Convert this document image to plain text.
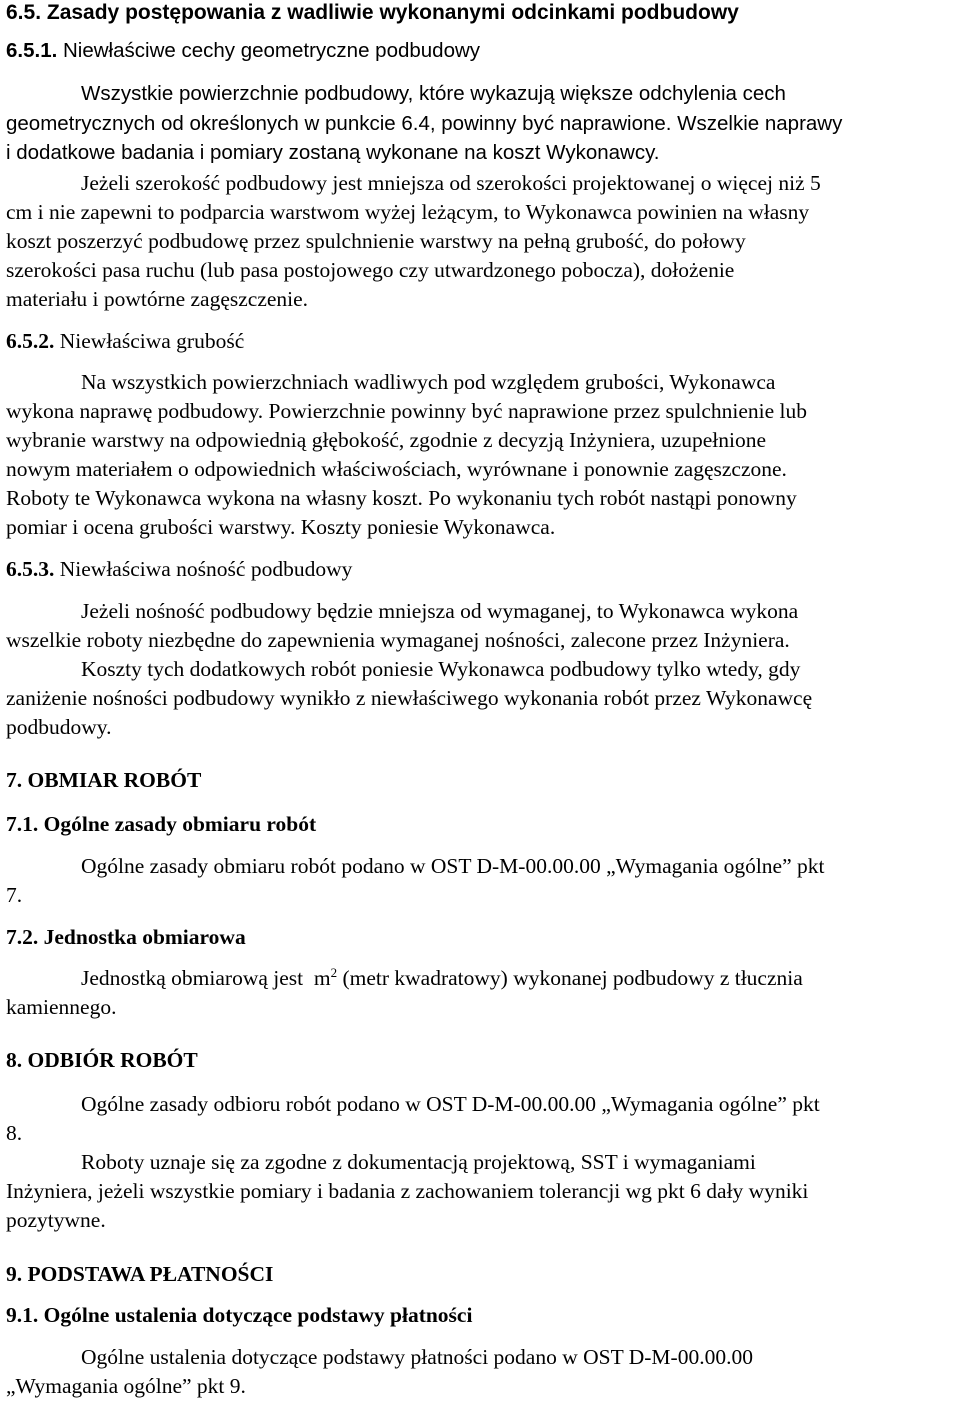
6.5. Zasady postępowania z wadliwie wykonanymi odcinkami podbudowy
6.5.1. Niewłaściwe cechy geometryczne podbudowy
Wszystkie powierzchnie podbudowy, które wykazują większe odchylenia cech
geometrycznych od określonych w punkcie 6.4, powinny być naprawione. Wszelkie naprawy
i dodatkowe badania i pomiary zostaną wykonane na koszt Wykonawcy.
Jeżeli szerokość podbudowy jest mniejsza od szerokości projektowanej o więcej niż 5
cm i nie zapewni to podparcia warstwom wyżej leżącym, to Wykonawca powinien na własny
koszt poszerzyć podbudowę przez spulchnienie warstwy na pełną grubość, do połowy
szerokości pasa ruchu (lub pasa postojowego czy utwardzonego pobocza), dołożenie
materiału i powtórne zagęszczenie.
6.5.2. Niewłaściwa grubość
Na wszystkich powierzchniach wadliwych pod względem grubości, Wykonawca
wykona naprawę podbudowy. Powierzchnie powinny być naprawione przez spulchnienie lub
wybranie warstwy na odpowiednią głębokość, zgodnie z decyzją Inżyniera, uzupełnione
nowym materiałem o odpowiednich właściwościach, wyrównane i ponownie zagęszczone.
Roboty te Wykonawca wykona na własny koszt. Po wykonaniu tych robót nastąpi ponowny
pomiar i ocena grubości warstwy. Koszty poniesie Wykonawca.
6.5.3. Niewłaściwa nośność podbudowy
Jeżeli nośność podbudowy będzie mniejsza od wymaganej, to Wykonawca wykona
wszelkie roboty niezbędne do zapewnienia wymaganej nośności, zalecone przez Inżyniera.
Koszty tych dodatkowych robót poniesie Wykonawca podbudowy tylko wtedy, gdy
zaniżenie nośności podbudowy wynikło z niewłaściwego wykonania robót przez Wykonawcę
podbudowy.
7. OBMIAR ROBÓT
7.1. Ogólne zasady obmiaru robót
Ogólne zasady obmiaru robót podano w OST D-M-00.00.00 „Wymagania ogólne” pkt
7.
7.2. Jednostka obmiarowa
Jednostką obmiarową jest  $m^2$ (metr kwadratowy) wykonanej podbudowy z tłucznia
kamiennego.
8. ODBIÓR ROBÓT
Ogólne zasady odbioru robót podano w OST D-M-00.00.00 „Wymagania ogólne” pkt
8.
Roboty uznaje się za zgodne z dokumentacją projektową, SST i wymaganiami
Inżyniera, jeżeli wszystkie pomiary i badania z zachowaniem tolerancji wg pkt 6 dały wyniki
pozytywne.
9. PODSTAWA PŁATNOŚCI
9.1. Ogólne ustalenia dotyczące podstawy płatności
Ogólne ustalenia dotyczące podstawy płatności podano w OST D-M-00.00.00
„Wymagania ogólne” pkt 9.
